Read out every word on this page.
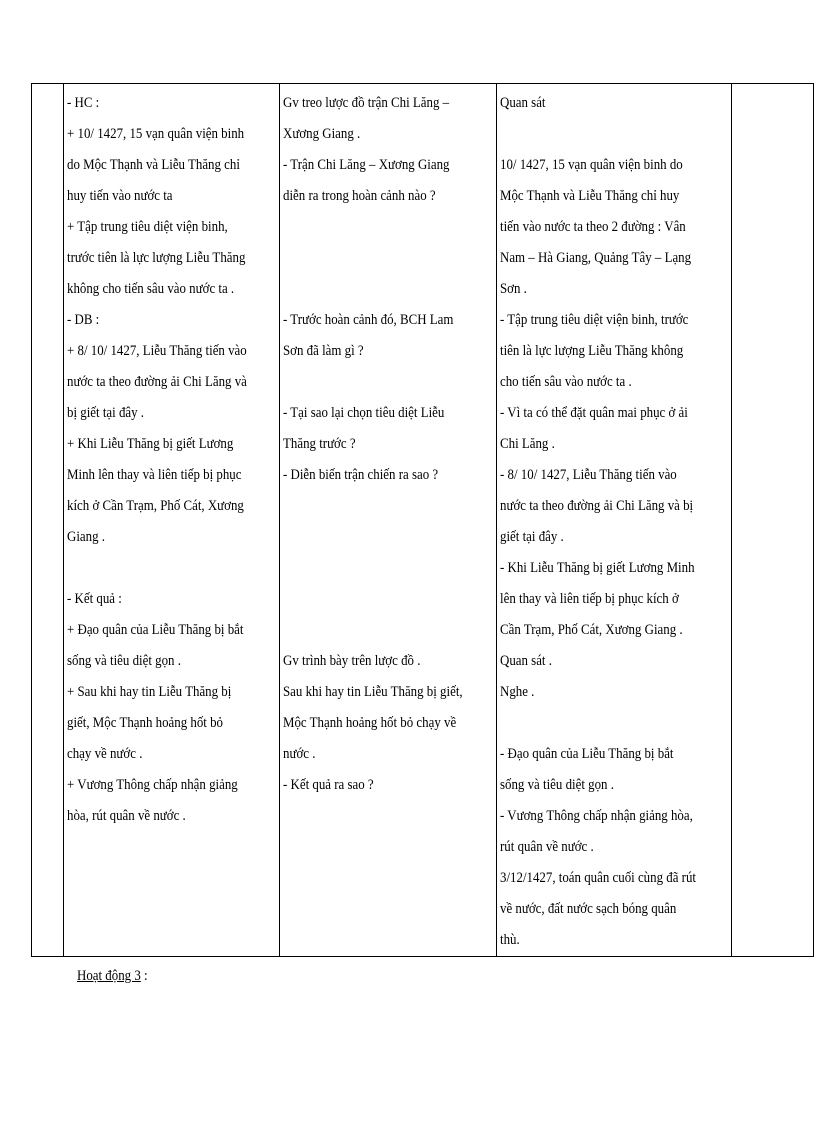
- HC :
+ 10/ 1427, 15 vạn quân viện binh
do Mộc Thạnh và Liễu Thăng chỉ
huy tiến vào nước ta
+ Tập trung tiêu diệt viện binh,
trước tiên là lực lượng Liễu Thăng
không cho tiến sâu vào nước ta .
- DB :
+ 8/ 10/ 1427, Liễu Thăng tiến vào
nước ta theo đường ải Chi Lăng và
bị giết tại đây .
+ Khi Liễu Thăng bị giết Lương
Minh lên thay và liên tiếp bị phục
kích ở Cần Trạm, Phố Cát, Xương
Giang .
- Kết quả :
+ Đạo quân của Liễu Thăng bị bắt
sống và tiêu diệt gọn .
+ Sau khi hay tin Liễu Thăng bị
giết, Mộc Thạnh hoảng hốt bỏ
chạy về nước .
+ Vương Thông chấp nhận giảng
hòa, rút quân về nước .

Gv treo lược đồ trận Chi Lăng –
Xương Giang .
- Trận Chi Lăng – Xương Giang
diễn ra trong hoàn cảnh nào ?
- Trước hoàn cảnh đó, BCH Lam
Sơn đã làm gì ?
- Tại sao lại chọn tiêu diệt Liễu
Thăng trước ?
- Diễn biến trận chiến ra sao ?
Gv trình bày trên lược đồ .
Sau khi hay tin Liễu Thăng bị giết,
Mộc Thạnh hoảng hốt bỏ chạy về
nước .
- Kết quả ra sao ?

Quan sát
10/ 1427, 15 vạn quân viện binh do
Mộc Thạnh và Liễu Thăng chỉ huy
tiến vào nước ta theo 2 đường : Vân
Nam – Hà Giang, Quảng Tây – Lạng
Sơn .
- Tập trung tiêu diệt viện binh, trước
tiên là lực lượng Liễu Thăng không
cho tiến sâu vào nước ta .
- Vì ta có thể đặt quân mai phục ở ải
Chi Lăng .
- 8/ 10/ 1427, Liễu Thăng tiến vào
nước ta theo đường ải Chi Lăng và bị
giết tại đây .
- Khi Liễu Thăng bị giết Lương Minh
lên thay và liên tiếp bị phục kích ở
Cần Trạm, Phố Cát, Xương Giang .
Quan sát .
Nghe .
- Đạo quân của Liễu Thăng bị bắt
sống và tiêu diệt gọn .
- Vương Thông chấp nhận giảng hòa,
rút quân về nước .
3/12/1427, toán quân cuối cùng đã rút
về nước, đất nước sạch bóng quân
thù.

Hoạt động 3 :
